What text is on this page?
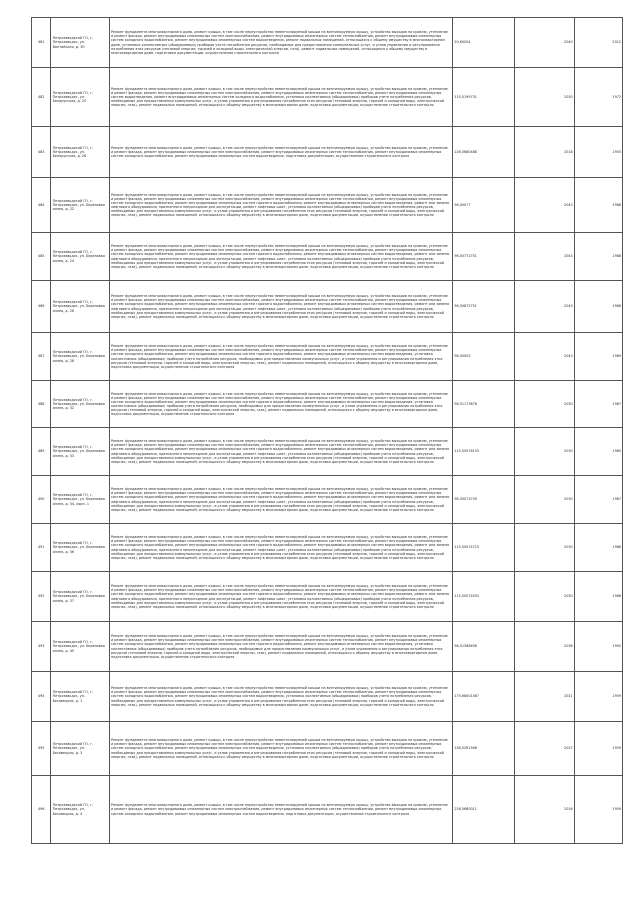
481	Петрозаводский ГО, г. Петрозаводск, ул. Балтийская, д. 30	Ремонт фундамента многоквартирного дома, ремонт крыши, в том числе переустройство невентилируемой крыши на вентилируемую крышу, устройство выходов на кровлю, утепление и ремонт фасада, ремонт внутридомовых инженерных систем электроснабжения, ремонт внутридомовых инженерных систем теплоснабжения, ремонт внутридомовых инженерных систем холодного водоснабжения, ремонт внутридомовых инженерных систем водоотведения, ремонт подвальных помещений, относящихся к общему имуществу в многоквартирном доме, установка коллективных (общедомовых) приборов учета потребления ресурсов, необходимых для предоставления коммунальных услуг, и узлов управления и регулирования потребления этих ресурсов (тепловой энергии, горячей и холодной воды, электрической энергии, газа), ремонт подвальных помещений, относящихся к общему имуществу в многоквартирном доме, подготовка документации, осуществление строительного контроля	20,60004	2040	2012
482	Петрозаводский ГО, г. Петрозаводск, ул. Белорусская, д. 25	Ремонт фундамента многоквартирного дома, ремонт крыши, в том числе переустройство невентилируемой крыши на вентилируемую крышу, устройство выходов на кровлю, утепление и ремонт фасада, ремонт внутридомовых инженерных систем электроснабжения, ремонт внутридомовых инженерных систем теплоснабжения, ремонт внутридомовых инженерных систем водоотведения, ремонт внутридомовых инженерных систем холодного водоснабжения, установка коллективных (общедомовых) приборов учета потребления ресурсов, необходимых для предоставления коммунальных услуг, и узлов управления и регулирования потребления этих ресурсов (тепловой энергии, горячей и холодной воды, электрической энергии, газа), ремонт подвальных помещений, относящихся к общему имуществу в многоквартирном доме, подготовка документации, осуществление строительного контроля	115,5199731	2030	1972
483	Петрозаводский ГО, г. Петрозаводск, ул. Белорусская, д. 28	Ремонт фундамента многоквартирного дома, ремонт крыши, в том числе переустройство невентилируемой крыши на вентилируемую крышу, устройство выходов на кровлю, утепление и ремонт фасада, ремонт внутридомовых инженерных систем электроснабжения, ремонт внутридомовых инженерных систем теплоснабжения, ремонт внутридомовых инженерных систем холодного водоснабжения, ремонт внутридомовых инженерных систем водоотведения, подготовка документации, осуществление строительного контроля	226,5680488	2018	1955
484	Петрозаводский ГО, г. Петрозаводск, ул. Березовая аллея, д. 22	Ремонт фундамента многоквартирного дома, ремонт крыши, в том числе переустройство невентилируемой крыши на вентилируемую крышу, устройство выходов на кровлю, утепление и ремонт фасада, ремонт внутридомовых инженерных систем электроснабжения, ремонт внутридомовых инженерных систем теплоснабжения, ремонт внутридомовых инженерных систем холодного водоснабжения, ремонт внутридомовых инженерных систем горячего водоснабжения, ремонт внутридомовых инженерных систем водоотведения, ремонт или замена лифтового оборудования, признанного непригодным для эксплуатации, ремонт лифтовых шахт, установка коллективных (общедомовых) приборов учета потребления ресурсов, необходимых для предоставления коммунальных услуг, и узлов управления и регулирования потребления этих ресурсов (тепловой энергии, горячей и холодной воды, электрической энергии, газа), ремонт подвальных помещений, относящихся к общему имуществу в многоквартирном доме, подготовка документации, осуществление строительного контроля	96,00077	2043	1988
485	Петрозаводский ГО, г. Петрозаводск, ул. Березовая аллея, д. 24	Ремонт фундамента многоквартирного дома, ремонт крыши, в том числе переустройство невентилируемой крыши на вентилируемую крышу, устройство выходов на кровлю, утепление и ремонт фасада, ремонт внутридомовых инженерных систем электроснабжения, ремонт внутридомовых инженерных систем теплоснабжения, ремонт внутридомовых инженерных систем холодного водоснабжения, ремонт внутридомовых инженерных систем горячего водоснабжения, ремонт внутридомовых инженерных систем водоотведения, ремонт или замена лифтового оборудования, признанного непригодным для эксплуатации, ремонт лифтовых шахт, установка коллективных (общедомовых) приборов учета потребления ресурсов, необходимых для предоставления коммунальных услуг, и узлов управления и регулирования потребления этих ресурсов (тепловой энергии, горячей и холодной воды, электрической энергии, газа), ремонт подвальных помещений, относящихся к общему имуществу в многоквартирном доме, подготовка документации, осуществление строительного контроля	96,50772751	2043	1988
486	Петрозаводский ГО, г. Петрозаводск, ул. Березовая аллея, д. 26	Ремонт фундамента многоквартирного дома, ремонт крыши, в том числе переустройство невентилируемой крыши на вентилируемую крышу, устройство выходов на кровлю, утепление и ремонт фасада, ремонт внутридомовых инженерных систем электроснабжения, ремонт внутридомовых инженерных систем теплоснабжения, ремонт внутридомовых инженерных систем холодного водоснабжения, ремонт внутридомовых инженерных систем горячего водоснабжения, ремонт внутридомовых инженерных систем водоотведения, ремонт или замена лифтового оборудования, признанного непригодным для эксплуатации, ремонт лифтовых шахт, установка коллективных (общедомовых) приборов учета потребления ресурсов, необходимых для предоставления коммунальных услуг, и узлов управления и регулирования потребления этих ресурсов (тепловой энергии, горячей и холодной воды, электрической энергии, газа), ремонт подвальных помещений, относящихся к общему имуществу в многоквартирном доме, подготовка документации, осуществление строительного контроля	96,50872751	2043	1988
487	Петрозаводский ГО, г. Петрозаводск, ул. Березовая аллея, д. 28	Ремонт фундамента многоквартирного дома, ремонт крыши, в том числе переустройство невентилируемой крыши на вентилируемую крышу, устройство выходов на кровлю, утепление и ремонт фасада, ремонт внутридомовых инженерных систем электроснабжения, ремонт внутридомовых инженерных систем теплоснабжения, ремонт внутридомовых инженерных систем холодного водоснабжения, ремонт внутридомовых инженерных систем горячего водоснабжения, ремонт внутридомовых инженерных систем водоотведения, установка коллективных (общедомовых) приборов учета потребления ресурсов, необходимых для предоставления коммунальных услуг, и узлов управления и регулирования потребления этих ресурсов (тепловой энергии, горячей и холодной воды, электрической энергии, газа), ремонт подвальных помещений, относящихся к общему имуществу в многоквартирном доме, подготовка документации, осуществление строительного контроля	96,50003	2043	1989
488	Петрозаводский ГО, г. Петрозаводск, ул. Березовая аллея, д. 32	Ремонт фундамента многоквартирного дома, ремонт крыши, в том числе переустройство невентилируемой крыши на вентилируемую крышу, устройство выходов на кровлю, утепление и ремонт фасада, ремонт внутридомовых инженерных систем электроснабжения, ремонт внутридомовых инженерных систем теплоснабжения, ремонт внутридомовых инженерных систем холодного водоснабжения, ремонт внутридомовых инженерных систем горячего водоснабжения, ремонт внутридомовых инженерных систем водоотведения, установка коллективных (общедомовых) приборов учета потребления ресурсов, необходимых для предоставления коммунальных услуг, и узлов управления и регулирования потребления этих ресурсов (тепловой энергии, горячей и холодной воды, электрической энергии, газа), ремонт подвальных помещений, относящихся к общему имуществу в многоквартирном доме, подготовка документации, осуществление строительного контроля	96,51173676	2030	1987
489	Петрозаводский ГО, г. Петрозаводск, ул. Березовая аллея, д. 33	Ремонт фундамента многоквартирного дома, ремонт крыши, в том числе переустройство невентилируемой крыши на вентилируемую крышу, устройство выходов на кровлю, утепление и ремонт фасада, ремонт внутридомовых инженерных систем электроснабжения, ремонт внутридомовых инженерных систем теплоснабжения, ремонт внутридомовых инженерных систем холодного водоснабжения, ремонт внутридомовых инженерных систем горячего водоснабжения, ремонт внутридомовых инженерных систем водоотведения, ремонт или замена лифтового оборудования, признанного непригодным для эксплуатации, ремонт лифтовых шахт, установка коллективных (общедомовых) приборов учета потребления ресурсов, необходимых для предоставления коммунальных услуг, и узлов управления и регулирования потребления этих ресурсов (тепловой энергии, горячей и холодной воды, электрической энергии, газа), ремонт подвальных помещений, относящихся к общему имуществу в многоквартирном доме, подготовка документации, осуществление строительного контроля	115,50076155	2030	1985
490	Петрозаводский ГО, г. Петрозаводск, ул. Березовая аллея, д. 34, корп. 1	Ремонт фундамента многоквартирного дома, ремонт крыши, в том числе переустройство невентилируемой крыши на вентилируемую крышу, устройство выходов на кровлю, утепление и ремонт фасада, ремонт внутридомовых инженерных систем электроснабжения, ремонт внутридомовых инженерных систем теплоснабжения, ремонт внутридомовых инженерных систем холодного водоснабжения, ремонт внутридомовых инженерных систем горячего водоснабжения, ремонт внутридомовых инженерных систем водоотведения, ремонт или замена лифтового оборудования, признанного непригодным для эксплуатации, ремонт лифтовых шахт, установка коллективных (общедомовых) приборов учета потребления ресурсов, необходимых для предоставления коммунальных услуг, и узлов управления и регулирования потребления этих ресурсов (тепловой энергии, горячей и холодной воды, электрической энергии, газа), ремонт подвальных помещений, относящихся к общему имуществу в многоквартирном доме, подготовка документации, осуществление строительного контроля	96,50073709	2030	1987
491	Петрозаводский ГО, г. Петрозаводск, ул. Березовая аллея, д. 36	Ремонт фундамента многоквартирного дома, ремонт крыши, в том числе переустройство невентилируемой крыши на вентилируемую крышу, устройство выходов на кровлю, утепление и ремонт фасада, ремонт внутридомовых инженерных систем электроснабжения, ремонт внутридомовых инженерных систем теплоснабжения, ремонт внутридомовых инженерных систем холодного водоснабжения, ремонт внутридомовых инженерных систем горячего водоснабжения, ремонт внутридомовых инженерных систем водоотведения, ремонт или замена лифтового оборудования, признанного непригодным для эксплуатации, ремонт лифтовых шахт, установка коллективных (общедомовых) приборов учета потребления ресурсов, необходимых для предоставления коммунальных услуг, и узлов управления и регулирования потребления этих ресурсов (тепловой энергии, горячей и холодной воды, электрической энергии, газа), ремонт подвальных помещений, относящихся к общему имуществу в многоквартирном доме, подготовка документации, осуществление строительного контроля	115,50074715	2030	1986
492	Петрозаводский ГО, г. Петрозаводск, ул. Березовая аллея, д. 37	Ремонт фундамента многоквартирного дома, ремонт крыши, в том числе переустройство невентилируемой крыши на вентилируемую крышу, устройство выходов на кровлю, утепление и ремонт фасада, ремонт внутридомовых инженерных систем электроснабжения, ремонт внутридомовых инженерных систем теплоснабжения, ремонт внутридомовых инженерных систем холодного водоснабжения, ремонт внутридомовых инженерных систем горячего водоснабжения, ремонт внутридомовых инженерных систем водоотведения, ремонт или замена лифтового оборудования, признанного непригодным для эксплуатации, ремонт лифтовых шахт, установка коллективных (общедомовых) приборов учета потребления ресурсов, необходимых для предоставления коммунальных услуг, и узлов управления и регулирования потребления этих ресурсов (тепловой энергии, горячей и холодной воды, электрической энергии, газа), ремонт подвальных помещений, относящихся к общему имуществу в многоквартирном доме, подготовка документации, осуществление строительного контроля	115,50074552	2030	1986
493	Петрозаводский ГО, г. Петрозаводск, ул. Березовая аллея, д. 45	Ремонт фундамента многоквартирного дома, ремонт крыши, в том числе переустройство невентилируемой крыши на вентилируемую крышу, устройство выходов на кровлю, утепление и ремонт фасада, ремонт внутридомовых инженерных систем электроснабжения, ремонт внутридомовых инженерных систем теплоснабжения, ремонт внутридомовых инженерных систем холодного водоснабжения, ремонт внутридомовых инженерных систем горячего водоснабжения, ремонт внутридомовых инженерных систем водоотведения, установка коллективных (общедомовых) приборов учета потребления ресурсов, необходимых для предоставления коммунальных услуг, и узлов управления и регулирования потребления этих ресурсов (тепловой энергии, горячей и холодной воды, электрической энергии, газа), ремонт подвальных помещений, относящихся к общему имуществу в многоквартирном доме, подготовка документации, осуществление строительного контроля	96,51368636	2036	1992
494	Петрозаводский ГО, г. Петрозаводск, ул. Бесовецкая, д. 1	Ремонт фундамента многоквартирного дома, ремонт крыши, в том числе переустройство невентилируемой крыши на вентилируемую крышу, устройство выходов на кровлю, утепление и ремонт фасада, ремонт внутридомовых инженерных систем электроснабжения, ремонт внутридомовых инженерных систем теплоснабжения, ремонт внутридомовых инженерных систем холодного водоснабжения, ремонт внутридомовых инженерных систем водоотведения, установка коллективных (общедомовых) приборов учета потребления ресурсов, необходимых для предоставления коммунальных услуг, и узлов управления и регулирования потребления этих ресурсов (тепловой энергии, горячей и холодной воды, электрической энергии, газа), ремонт подвальных помещений, относящихся к общему имуществу в многоквартирном доме, подготовка документации, осуществление строительного контроля	175,6800146?	2021	1959
495	Петрозаводский ГО, г. Петрозаводск, ул. Бесовецкая, д. 3	Ремонт фундамента многоквартирного дома, ремонт крыши, в том числе переустройство невентилируемой крыши на вентилируемую крышу, устройство выходов на кровлю, утепление и ремонт фасада, ремонт внутридомовых инженерных систем электроснабжения, ремонт внутридомовых инженерных систем теплоснабжения, ремонт внутридомовых инженерных систем холодного водоснабжения, ремонт внутридомовых инженерных систем водоотведения, установка коллективных (общедомовых) приборов учета потребления ресурсов, необходимых для предоставления коммунальных услуг, и узлов управления и регулирования потребления этих ресурсов (тепловой энергии, горячей и холодной воды, электрической энергии, газа), ремонт подвальных помещений, относящихся к общему имуществу в многоквартирном доме, подготовка документации, осуществление строительного контроля	156,5281566	2027	1959
496	Петрозаводский ГО, г. Петрозаводск, ул. Бесовецкая, д. 4	Ремонт фундамента многоквартирного дома, ремонт крыши, в том числе переустройство невентилируемой крыши на вентилируемую крышу, устройство выходов на кровлю, утепление и ремонт фасада, ремонт внутридомовых инженерных систем электроснабжения, ремонт внутридомовых инженерных систем теплоснабжения, ремонт внутридомовых инженерных систем холодного водоснабжения, ремонт внутридомовых инженерных систем водоотведения, подготовка документации, осуществление строительного контроля	226,5680011	2016	1959
